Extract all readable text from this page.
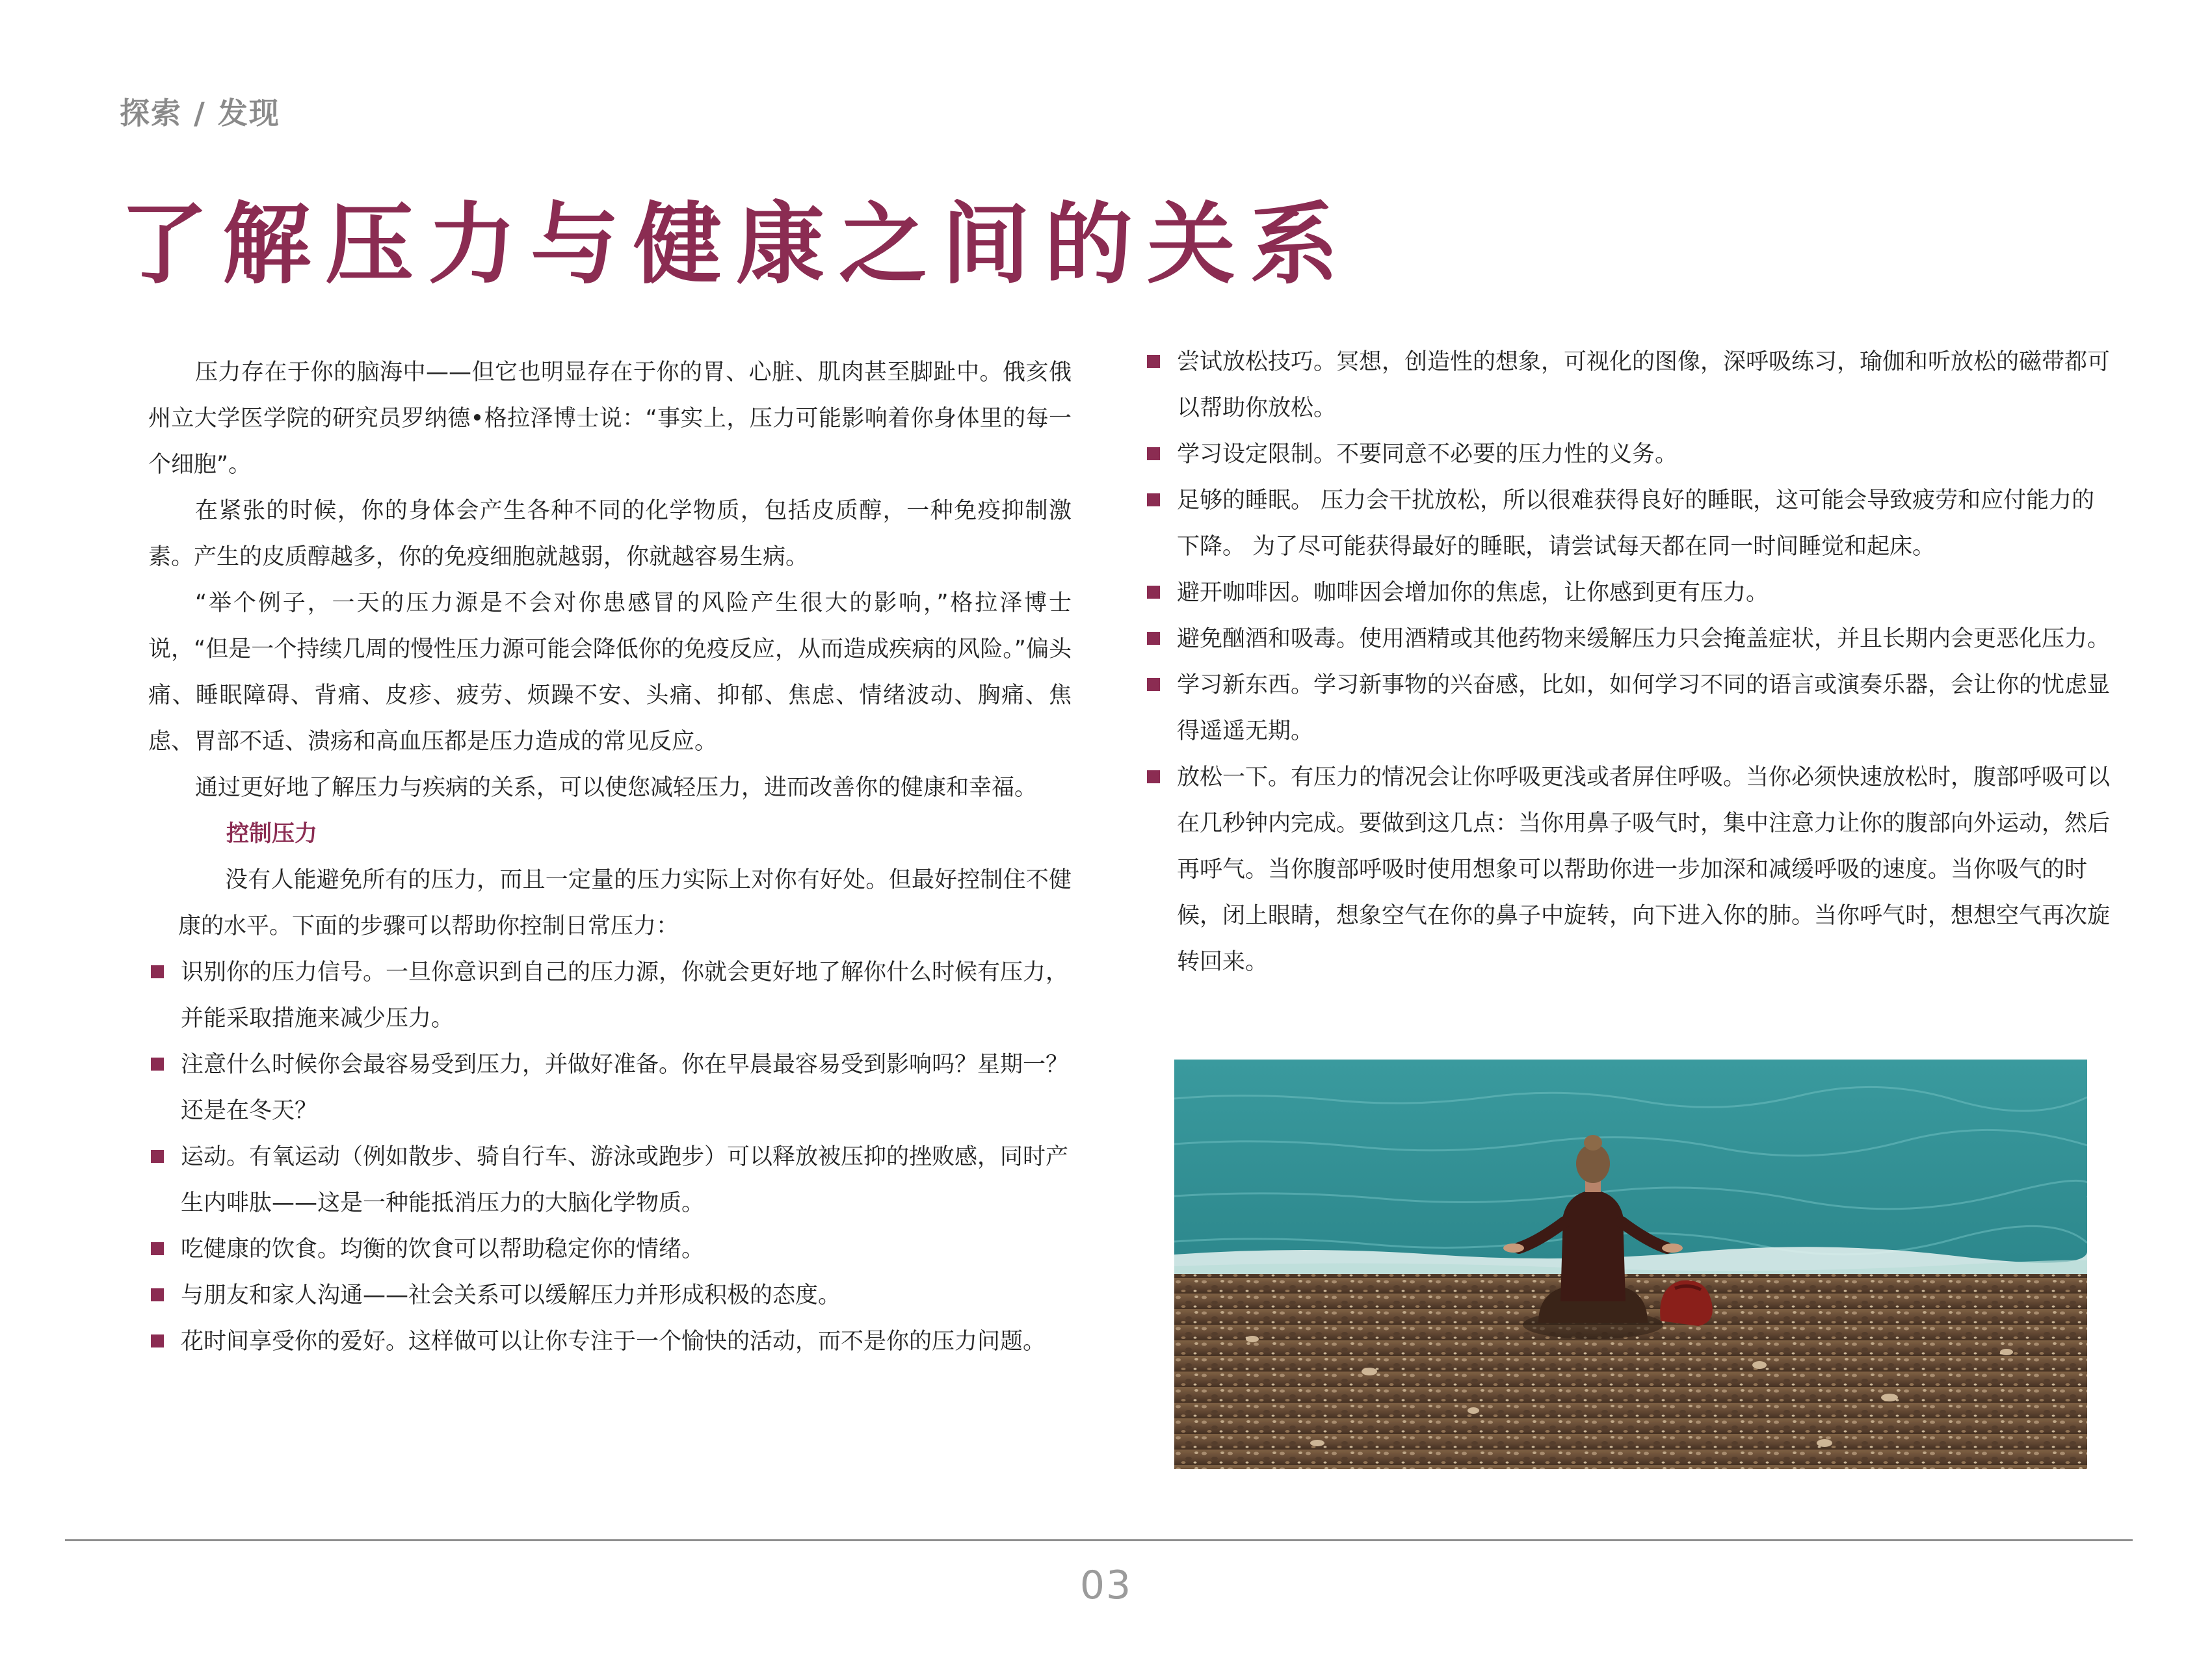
探索 / 发现
了解压力与健康之间的关系

压力存在于你的脑海中——但它也明显存在于你的胃、心脏、肌肉甚至脚趾中。俄亥俄州立大学医学院的研究员罗纳德•格拉泽博士说：“事实上，压力可能影响着你身体里的每一个细胞”。

在紧张的时候，你的身体会产生各种不同的化学物质，包括皮质醇，一种免疫抑制激素。产生的皮质醇越多，你的免疫细胞就越弱，你就越容易生病。

“举个例子，一天的压力源是不会对你患感冒的风险产生很大的影响，”格拉泽博士说，“但是一个持续几周的慢性压力源可能会降低你的免疫反应，从而造成疾病的风险。”偏头痛、睡眠障碍、背痛、皮疹、疲劳、烦躁不安、头痛、抑郁、焦虑、情绪波动、胸痛、焦虑、胃部不适、溃疡和高血压都是压力造成的常见反应。

通过更好地了解压力与疾病的关系，可以使您减轻压力，进而改善你的健康和幸福。

控制压力

没有人能避免所有的压力，而且一定量的压力实际上对你有好处。但最好控制住不健康的水平。下面的步骤可以帮助你控制日常压力：

识别你的压力信号。一旦你意识到自己的压力源，你就会更好地了解你什么时候有压力，并能采取措施来减少压力。
注意什么时候你会最容易受到压力，并做好准备。你在早晨最容易受到影响吗？星期一？还是在冬天？
运动。有氧运动（例如散步、骑自行车、游泳或跑步）可以释放被压抑的挫败感，同时产生内啡肽——这是一种能抵消压力的大脑化学物质。
吃健康的饮食。均衡的饮食可以帮助稳定你的情绪。
与朋友和家人沟通——社会关系可以缓解压力并形成积极的态度。
花时间享受你的爱好。这样做可以让你专注于一个愉快的活动，而不是你的压力问题。
尝试放松技巧。冥想，创造性的想象，可视化的图像，深呼吸练习，瑜伽和听放松的磁带都可以帮助你放松。
学习设定限制。不要同意不必要的压力性的义务。
足够的睡眠。 压力会干扰放松，所以很难获得良好的睡眠，这可能会导致疲劳和应付能力的下降。 为了尽可能获得最好的睡眠，请尝试每天都在同一时间睡觉和起床。
避开咖啡因。咖啡因会增加你的焦虑，让你感到更有压力。
避免酗酒和吸毒。使用酒精或其他药物来缓解压力只会掩盖症状，并且长期内会更恶化压力。
学习新东西。学习新事物的兴奋感，比如，如何学习不同的语言或演奏乐器，会让你的忧虑显得遥遥无期。
放松一下。有压力的情况会让你呼吸更浅或者屏住呼吸。当你必须快速放松时，腹部呼吸可以在几秒钟内完成。要做到这几点：当你用鼻子吸气时，集中注意力让你的腹部向外运动，然后再呼气。当你腹部呼吸时使用想象可以帮助你进一步加深和减缓呼吸的速度。当你吸气的时候，闭上眼睛，想象空气在你的鼻子中旋转，向下进入你的肺。当你呼气时，想想空气再次旋转回来。
03
